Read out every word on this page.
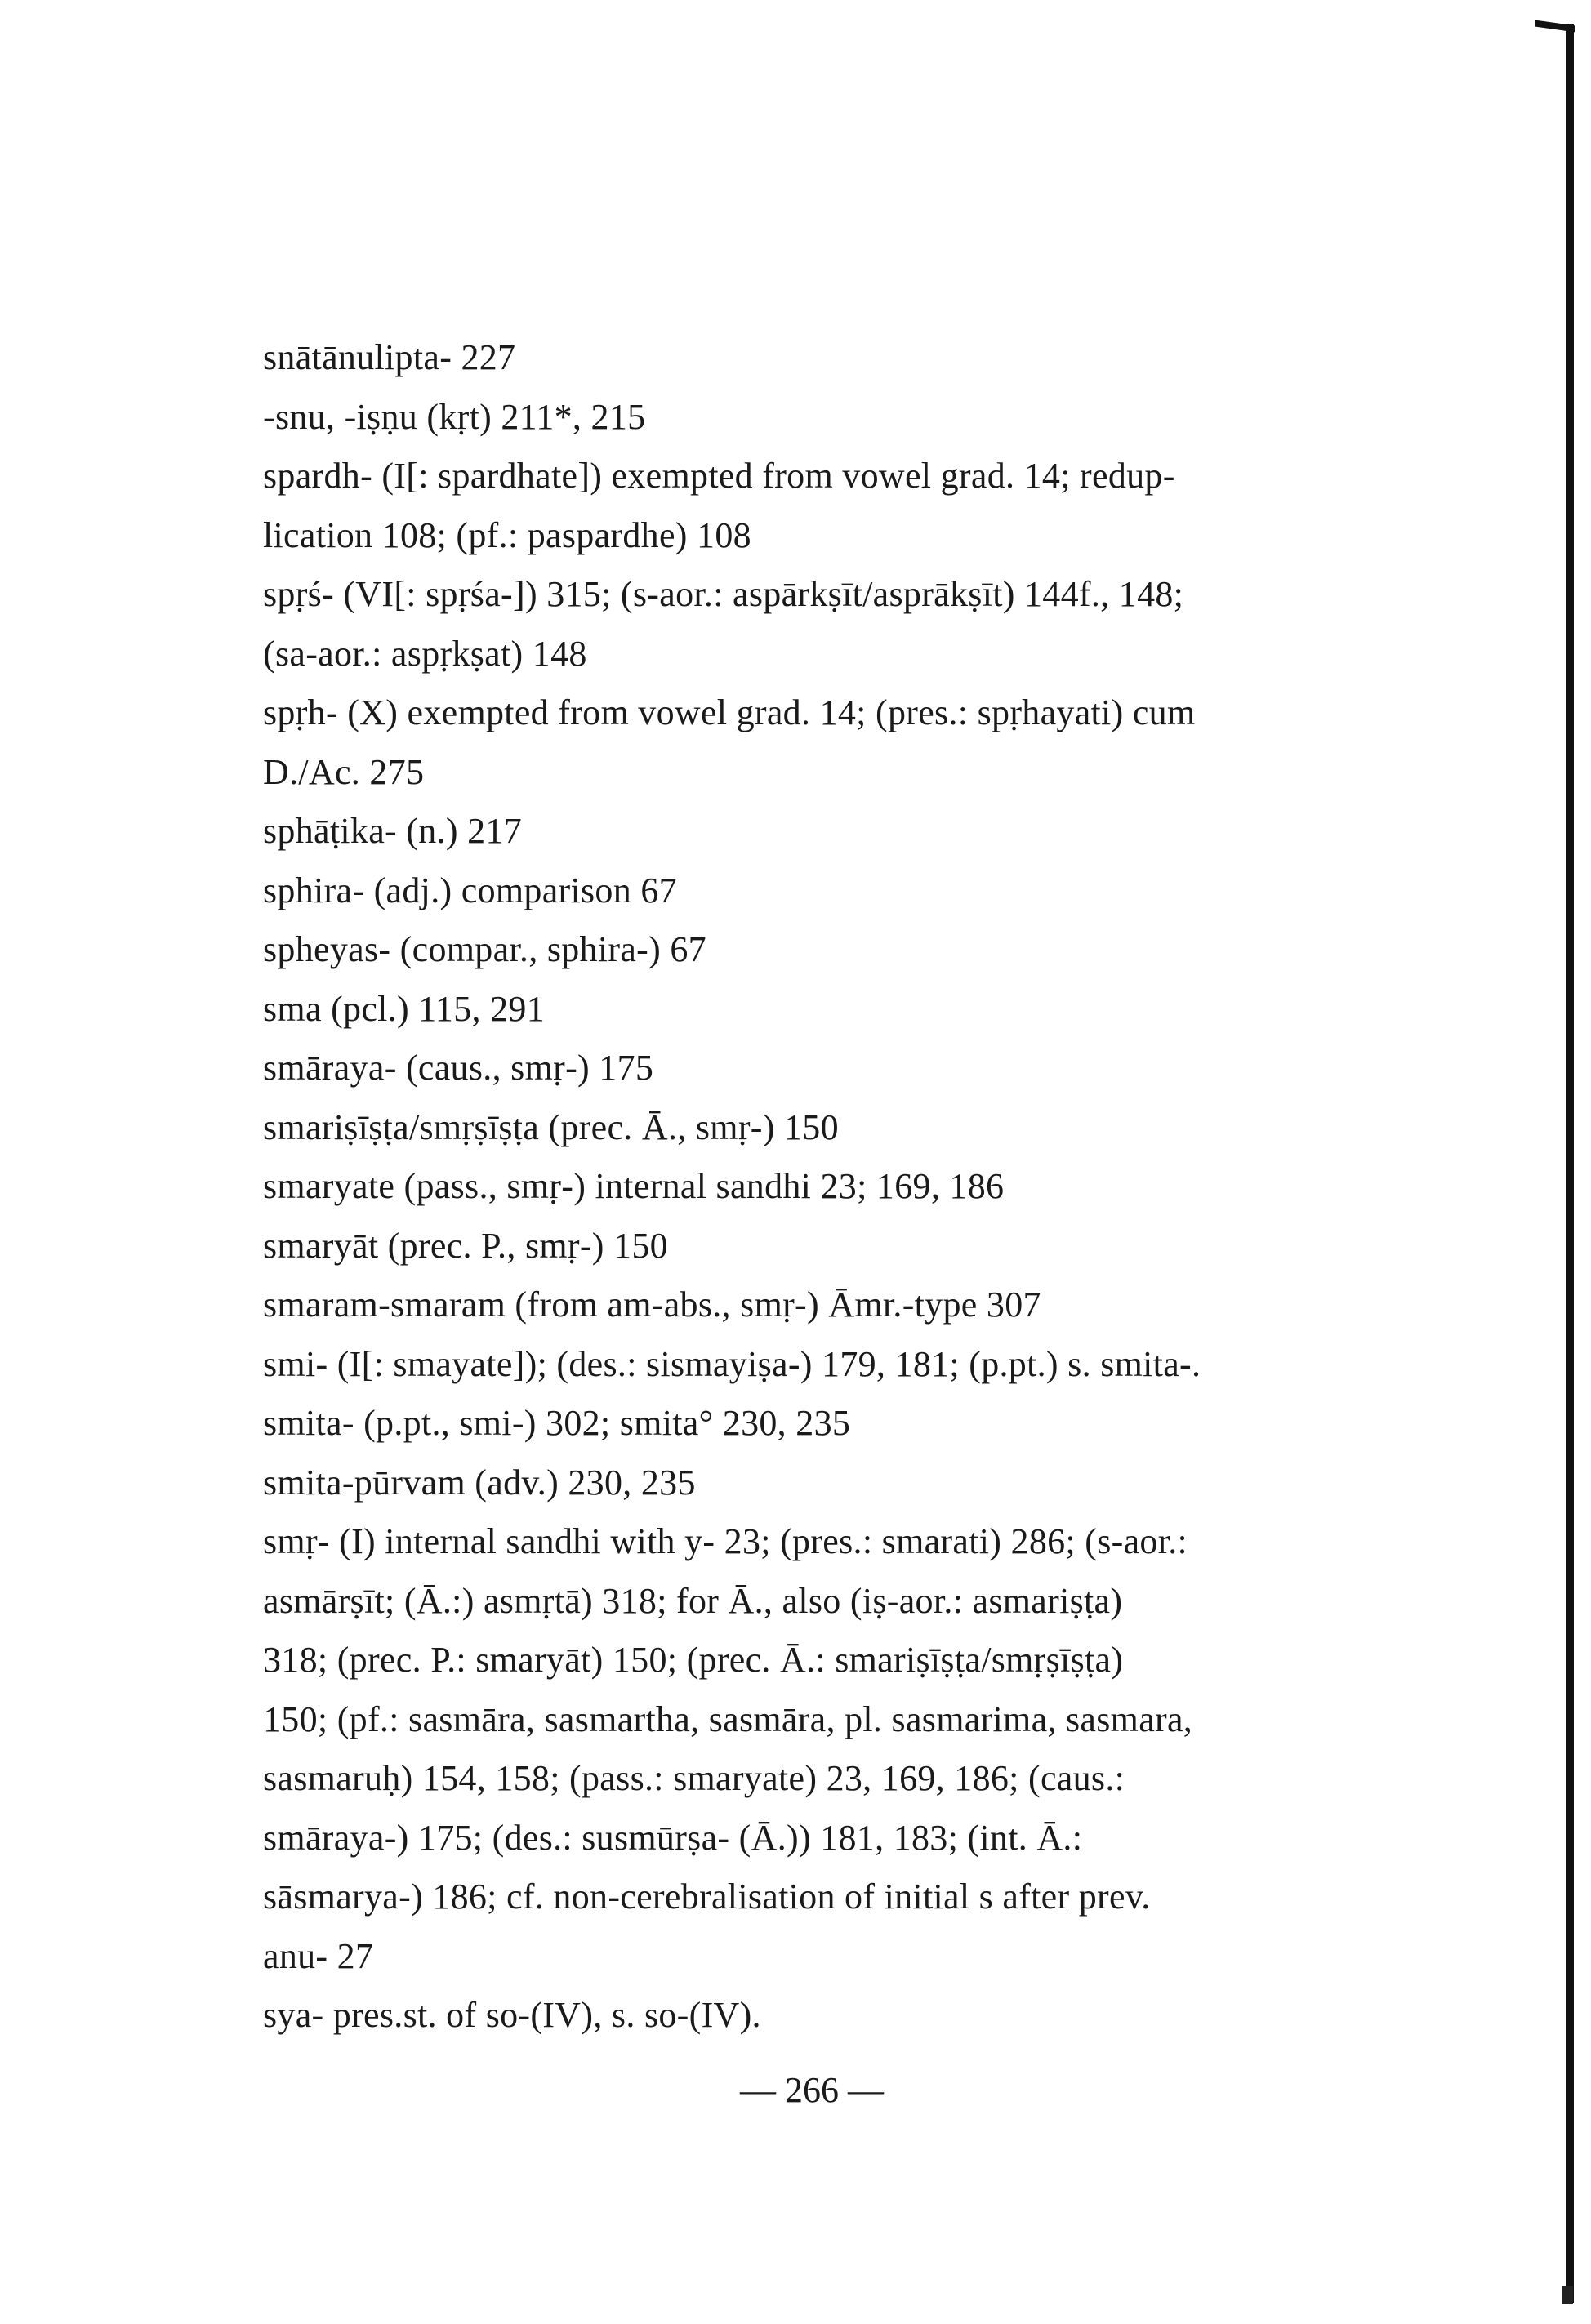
snātānulipta- 227
-snu, -iṣṇu (kṛt) 211*, 215
spardh- (I[: spardhate]) exempted from vowel grad. 14; redup-
lication 108; (pf.: paspardhe) 108
spṛś- (VI[: spṛśa-]) 315; (s-aor.: aspārkṣīt/asprākṣīt) 144f., 148;
(sa-aor.: aspṛkṣat) 148
spṛh- (X) exempted from vowel grad. 14; (pres.: spṛhayati) cum
D./Ac. 275
sphāṭika- (n.) 217
sphira- (adj.) comparison 67
spheyas- (compar., sphira-) 67
sma (pcl.) 115, 291
smāraya- (caus., smṛ-) 175
smariṣīṣṭa/smṛṣīṣṭa (prec. Ā., smṛ-) 150
smaryate (pass., smṛ-) internal sandhi 23; 169, 186
smaryāt (prec. P., smṛ-) 150
smaram-smaram (from am-abs., smṛ-) Āmr.-type 307
smi- (I[: smayate]); (des.: sismayiṣa-) 179, 181; (p.pt.) s. smita-.
smita- (p.pt., smi-) 302; smita° 230, 235
smita-pūrvam (adv.) 230, 235
smṛ- (I) internal sandhi with y- 23; (pres.: smarati) 286; (s-aor.:
asmārṣīt; (Ā.:) asmṛtā) 318; for Ā., also (iṣ-aor.: asmariṣṭa)
318; (prec. P.: smaryāt) 150; (prec. Ā.: smariṣīṣṭa/smṛṣīṣṭa)
150; (pf.: sasmāra, sasmartha, sasmāra, pl. sasmarima, sasmara,
sasmaruḥ) 154, 158; (pass.: smaryate) 23, 169, 186; (caus.:
smāraya-) 175; (des.: susmūrṣa- (Ā.)) 181, 183; (int. Ā.:
sāsmarya-) 186; cf. non-cerebralisation of initial s after prev.
anu- 27
sya- pres.st. of so-(IV), s. so-(IV).
— 266 —
